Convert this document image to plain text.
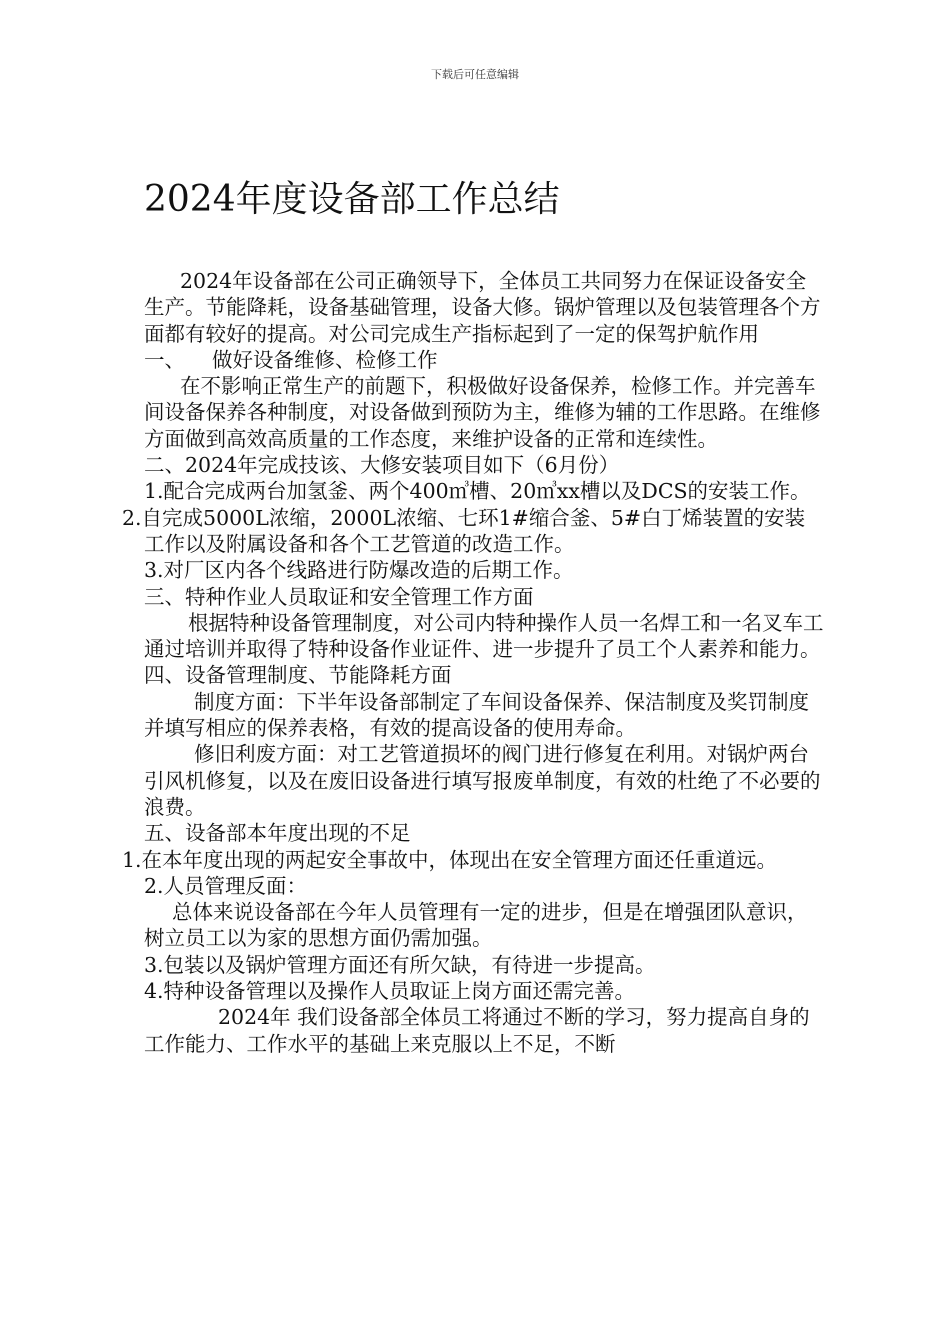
下载后可任意编辑
2024年度设备部工作总结

2024年设备部在公司正确领导下，全体员工共同努力在保证设备安全生产。节能降耗，设备基础管理，设备大修。锅炉管理以及包装管理各个方面都有较好的提高。对公司完成生产指标起到了一定的保驾护航作用

一、 做好设备维修、检修工作

在不影响正常生产的前题下，积极做好设备保养，检修工作。并完善车间设备保养各种制度，对设备做到预防为主，维修为辅的工作思路。在维修方面做到高效高质量的工作态度，来维护设备的正常和连续性。

二、2024年完成技该、大修安装项目如下（6月份）

1.配合完成两台加氢釜、两个400㎥槽、20㎥xx槽以及DCS的安装工作。

2.自完成5000L浓缩，2000L浓缩、七环1#缩合釜、5#白丁烯装置的安装工作以及附属设备和各个工艺管道的改造工作。

3.对厂区内各个线路进行防爆改造的后期工作。

三、特种作业人员取证和安全管理工作方面

根据特种设备管理制度，对公司内特种操作人员一名焊工和一名叉车工通过培训并取得了特种设备作业证件、进一步提升了员工个人素养和能力。

四、设备管理制度、节能降耗方面

制度方面：下半年设备部制定了车间设备保养、保洁制度及奖罚制度并填写相应的保养表格，有效的提高设备的使用寿命。

修旧利废方面：对工艺管道损坏的阀门进行修复在利用。对锅炉两台引风机修复，以及在废旧设备进行填写报废单制度，有效的杜绝了不必要的浪费。

五、设备部本年度出现的不足

1.在本年度出现的两起安全事故中，体现出在安全管理方面还任重道远。

2.人员管理反面：

总体来说设备部在今年人员管理有一定的进步，但是在增强团队意识，树立员工以为家的思想方面仍需加强。

3.包装以及锅炉管理方面还有所欠缺，有待进一步提高。

4.特种设备管理以及操作人员取证上岗方面还需完善。

2024年 我们设备部全体员工将通过不断的学习，努力提高自身的工作能力、工作水平的基础上来克服以上不足，不断
